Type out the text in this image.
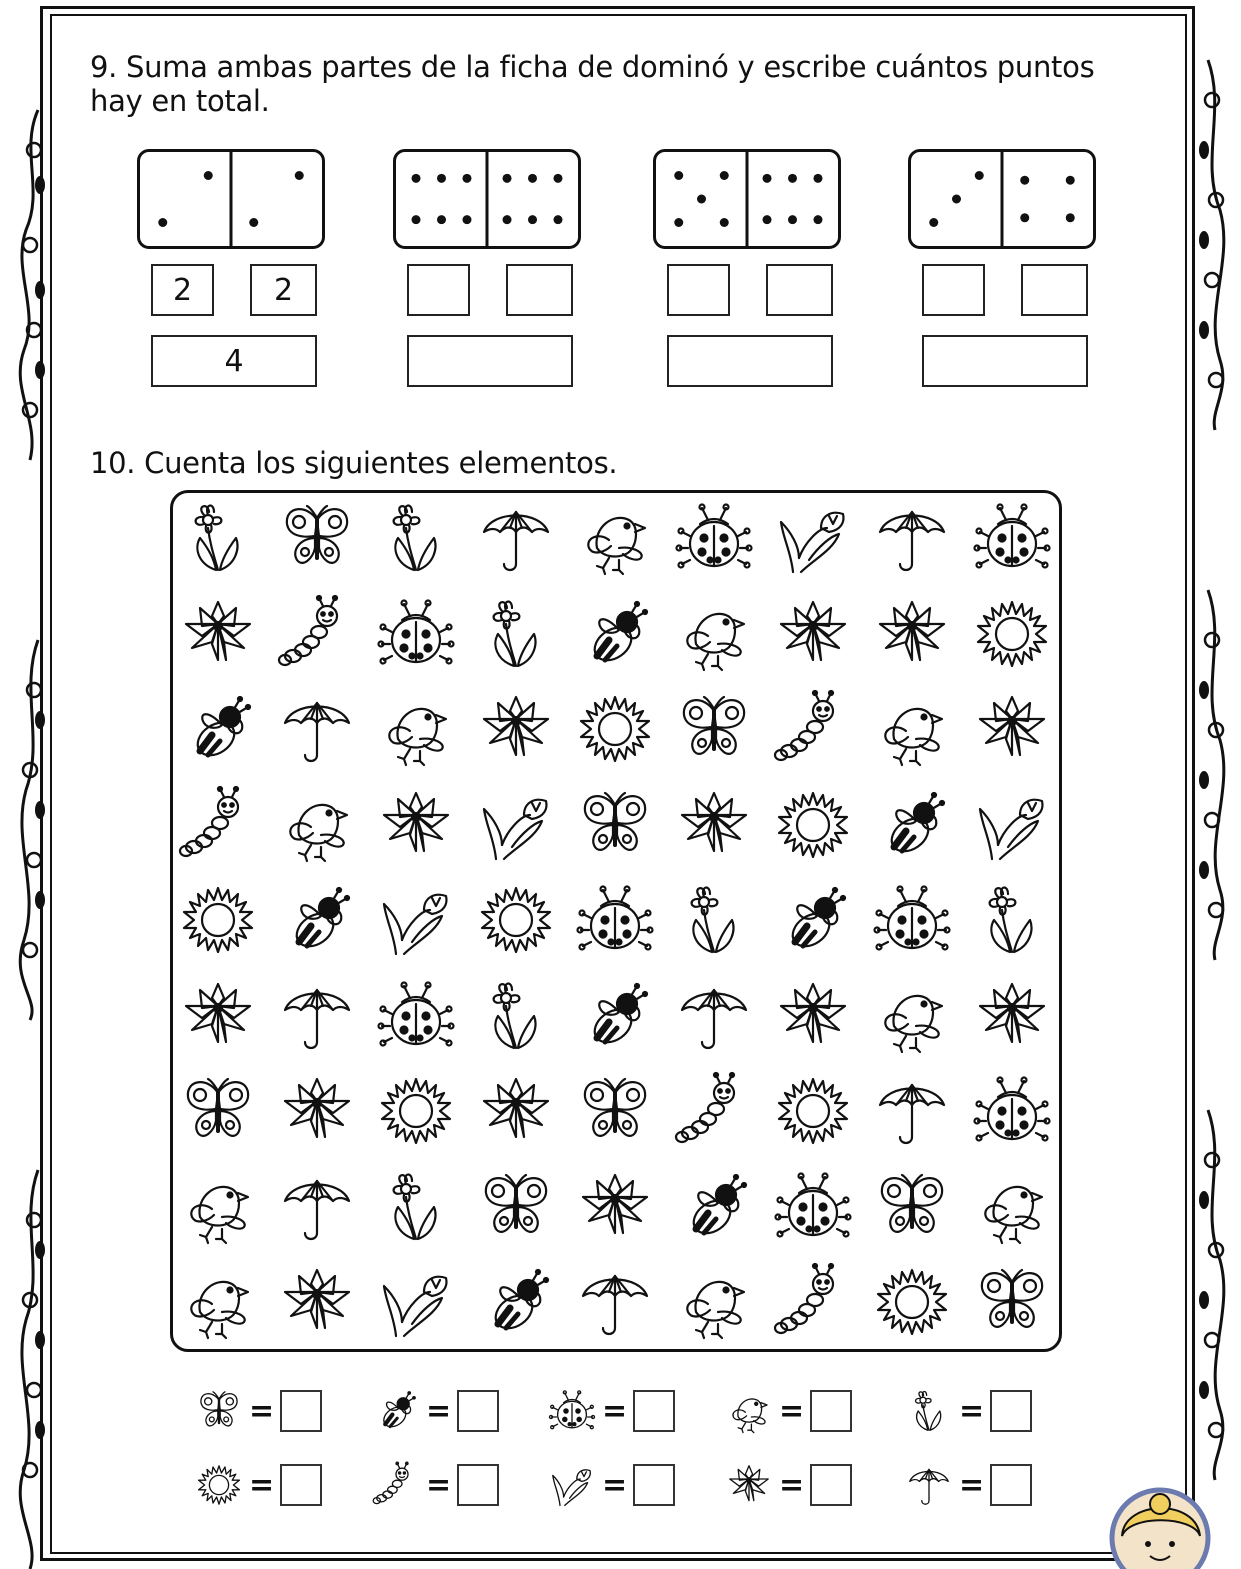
9. Suma ambas partes de la ficha de dominó y escribe cuántos puntos hay en total.
2	2
4
10. Cuenta los siguientes elementos.
=	=	=	=	=
=	=	=	=	=
